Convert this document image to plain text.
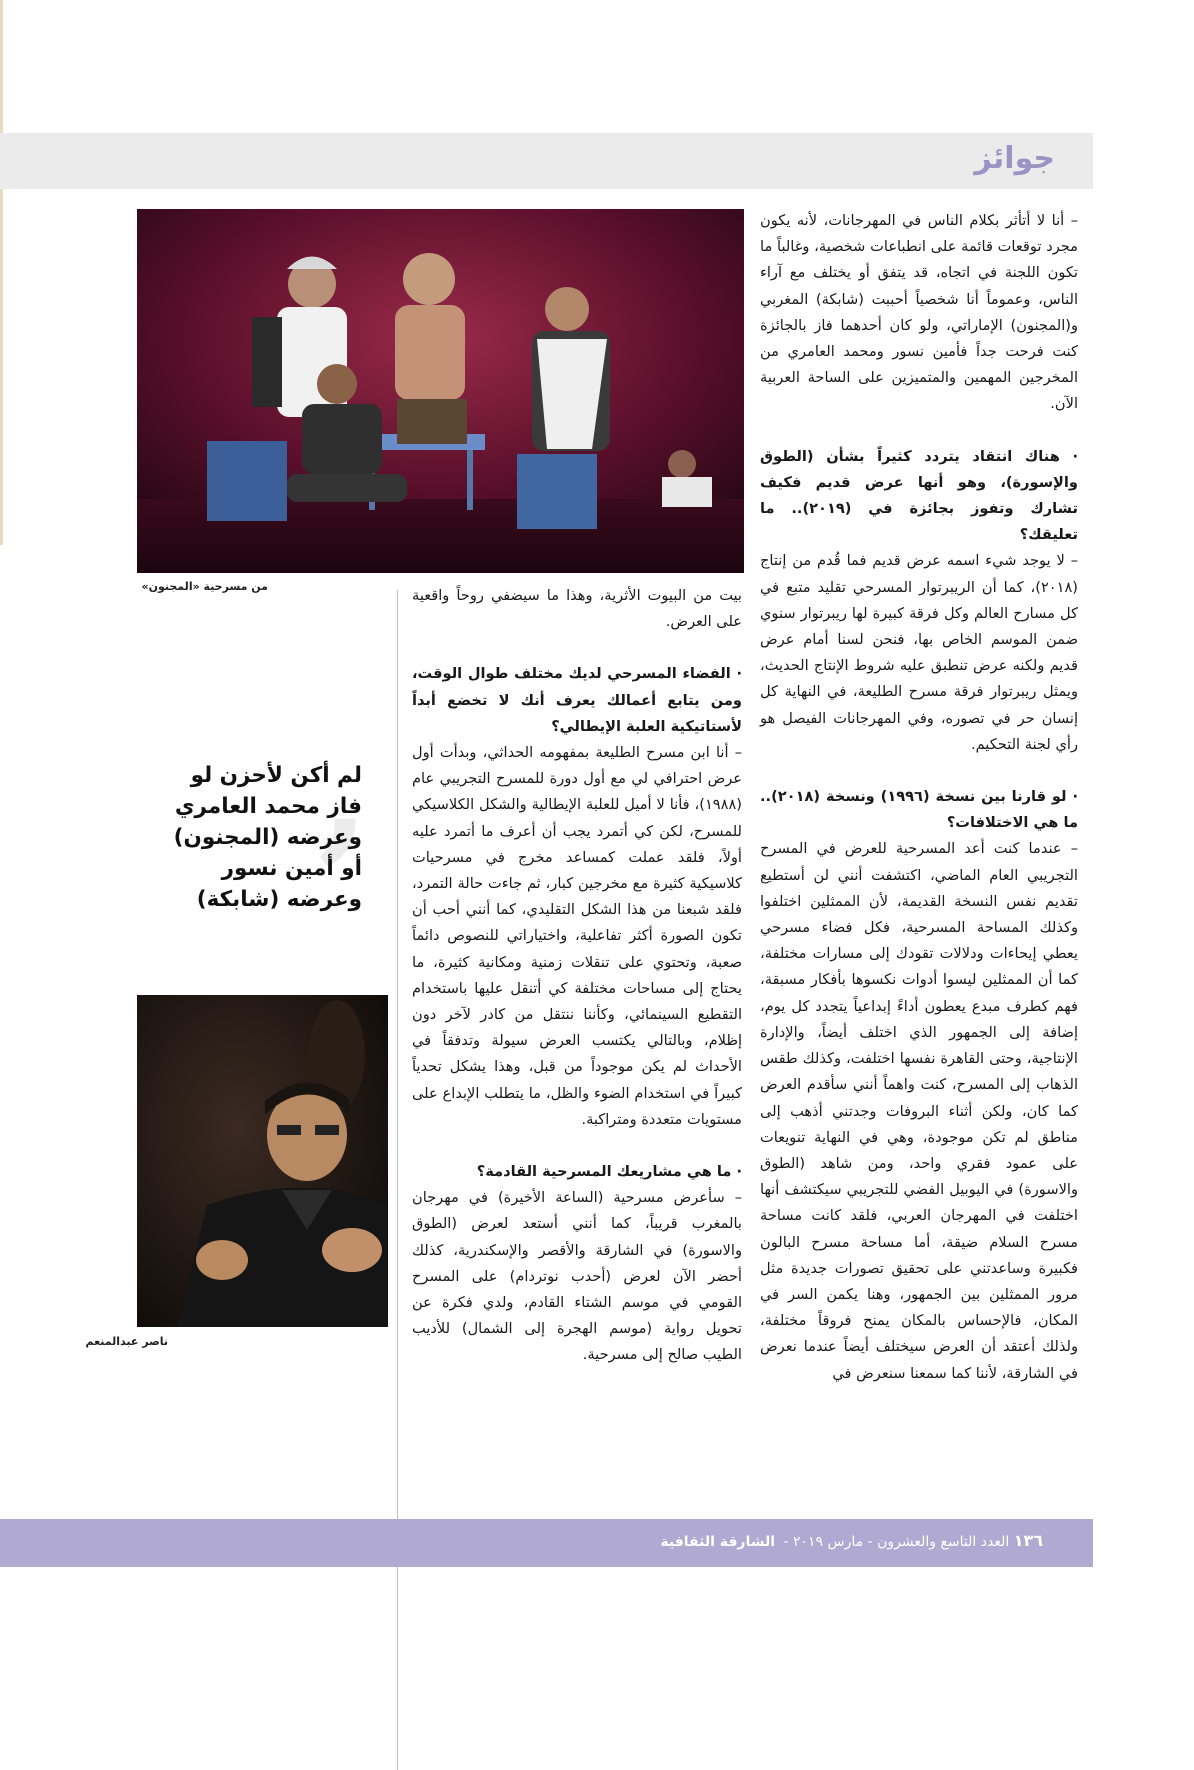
جوائز
– أنا لا أتأثر بكلام الناس في المهرجانات، لأنه يكون مجرد توقعات قائمة على انطباعات شخصية، وغالباً ما تكون اللجنة في اتجاه، قد يتفق أو يختلف مع آراء الناس، وعموماً أنا شخصياً أحببت (شابكة) المغربي و(المجنون) الإماراتي، ولو كان أحدهما فاز بالجائزة كنت فرحت جداً فأمين نسور ومحمد العامري من المخرجين المهمين والمتميزين على الساحة العربية الآن.
· هناك انتقاد يتردد كثيراً بشأن (الطوق والإسورة)، وهو أنها عرض قديم فكيف تشارك وتفوز بجائزة في (٢٠١٩).. ما تعليقك؟
– لا يوجد شيء اسمه عرض قديم فما قُدم من إنتاج (٢٠١٨)، كما أن الريبرتوار المسرحي تقليد متبع في كل مسارح العالم وكل فرقة كبيرة لها ريبرتوار سنوي ضمن الموسم الخاص بها، فنحن لسنا أمام عرض قديم ولكنه عرض تنطبق عليه شروط الإنتاج الحديث، ويمثل ريبرتوار فرقة مسرح الطليعة، في النهاية كل إنسان حر في تصوره، وفي المهرجانات الفيصل هو رأي لجنة التحكيم.
· لو قارنا بين نسخة (١٩٩٦) ونسخة (٢٠١٨).. ما هي الاختلافات؟
– عندما كنت أعد المسرحية للعرض في المسرح التجريبي العام الماضي، اكتشفت أنني لن أستطيع تقديم نفس النسخة القديمة، لأن الممثلين اختلفوا وكذلك المساحة المسرحية، فكل فضاء مسرحي يعطي إيحاءات ودلالات تقودك إلى مسارات مختلفة، كما أن الممثلين ليسوا أدوات نكسوها بأفكار مسبقة، فهم كطرف مبدع يعطون أداءً إبداعياً يتجدد كل يوم، إضافة إلى الجمهور الذي اختلف أيضاً، والإدارة الإنتاجية، وحتى القاهرة نفسها اختلفت، وكذلك طقس الذهاب إلى المسرح، كنت واهماً أنني سأقدم العرض كما كان، ولكن أثناء البروفات وجدتني أذهب إلى مناطق لم تكن موجودة، وهي في النهاية تنويعات على عمود فقري واحد، ومن شاهد (الطوق والاسورة) في اليوبيل الفضي للتجريبي سيكتشف أنها اختلفت في المهرجان العربي، فلقد كانت مساحة مسرح السلام ضيقة، أما مساحة مسرح البالون فكبيرة وساعدتني على تحقيق تصورات جديدة مثل مرور الممثلين بين الجمهور، وهنا يكمن السر في المكان، فالإحساس بالمكان يمنح فروقاً مختلفة، ولذلك أعتقد أن العرض سيختلف أيضاً عندما نعرض في الشارقة، لأننا كما سمعنا سنعرض في
من مسرحية «المجنون»
بيت من البيوت الأثرية، وهذا ما سيضفي روحاً واقعية على العرض.
· الفضاء المسرحي لديك مختلف طوال الوقت، ومن يتابع أعمالك يعرف أنك لا تخضع أبداً لأستاتيكية العلبة الإيطالي؟
– أنا ابن مسرح الطليعة بمفهومه الحداثي، وبدأت أول عرض احترافي لي مع أول دورة للمسرح التجريبي عام (١٩٨٨)، فأنا لا أميل للعلبة الإيطالية والشكل الكلاسيكي للمسرح، لكن كي أتمرد يجب أن أعرف ما أتمرد عليه أولاً، فلقد عملت كمساعد مخرج في مسرحيات كلاسيكية كثيرة مع مخرجين كبار، ثم جاءت حالة التمرد، فلقد شبعنا من هذا الشكل التقليدي، كما أنني أحب أن تكون الصورة أكثر تفاعلية، واختياراتي للنصوص دائماً صعبة، وتحتوي على تنقلات زمنية ومكانية كثيرة، ما يحتاج إلى مساحات مختلفة كي أتنقل عليها باستخدام التقطيع السينمائي، وكأننا ننتقل من كادر لآخر دون إظلام، وبالتالي يكتسب العرض سيولة وتدفقاً في الأحداث لم يكن موجوداً من قبل، وهذا يشكل تحدياً كبيراً في استخدام الضوء والظل، ما يتطلب الإبداع على مستويات متعددة ومتراكبة.
· ما هي مشاريعك المسرحية القادمة؟
– سأعرض مسرحية (الساعة الأخيرة) في مهرجان بالمغرب قريباً، كما أنني أستعد لعرض (الطوق والاسورة) في الشارقة والأقصر والإسكندرية، كذلك أحضر الآن لعرض (أحدب نوتردام) على المسرح القومي في موسم الشتاء القادم، ولدي فكرة عن تحويل رواية (موسم الهجرة إلى الشمال) للأديب الطيب صالح إلى مسرحية.
,
لم أكن لأحزن لو فاز محمد العامري وعرضه (المجنون) أو أمين نسور وعرضه (شابكة)
ناصر عبدالمنعم
١٣٦ العدد التاسع والعشرون - مارس ٢٠١٩ - الشارقة الثقافية
